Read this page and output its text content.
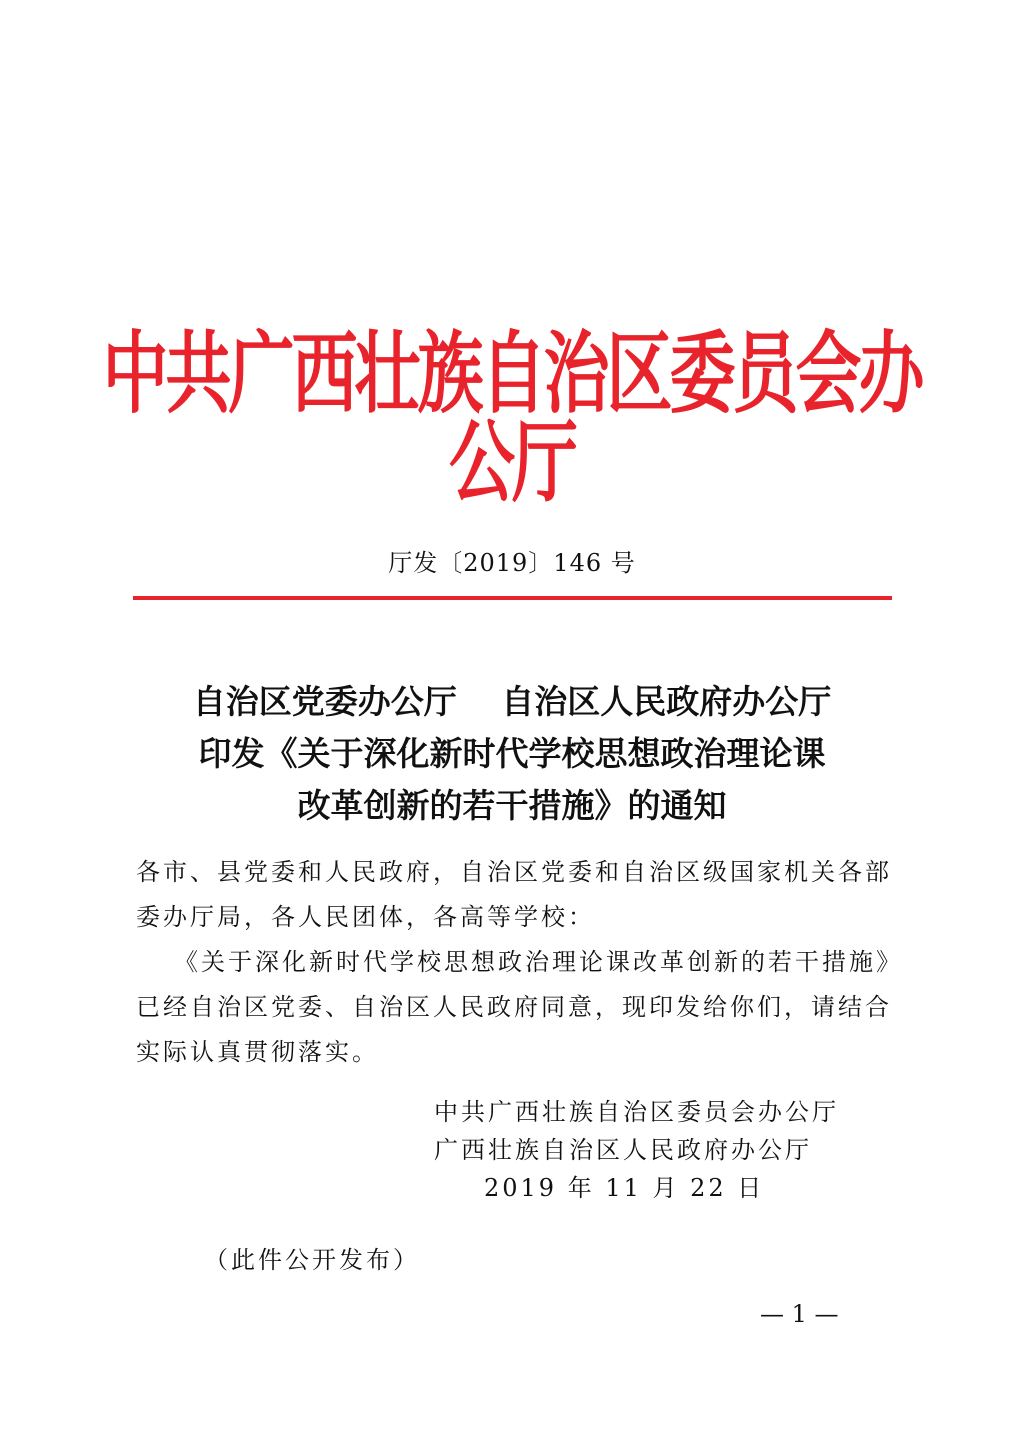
中共广西壮族自治区委员会办公厅
厅发〔2019〕146 号
自治区党委办公厅　 自治区人民政府办公厅
印发《关于深化新时代学校思想政治理论课
改革创新的若干措施》的通知

各市、县党委和人民政府，自治区党委和自治区级国家机关各部

委办厅局，各人民团体，各高等学校：

《关于深化新时代学校思想政治理论课改革创新的若干措施》

已经自治区党委、自治区人民政府同意，现印发给你们，请结合

实际认真贯彻落实。

中共广西壮族自治区委员会办公厅
广西壮族自治区人民政府办公厅
2019 年 11 月 22 日
（此件公开发布）
— 1 —
